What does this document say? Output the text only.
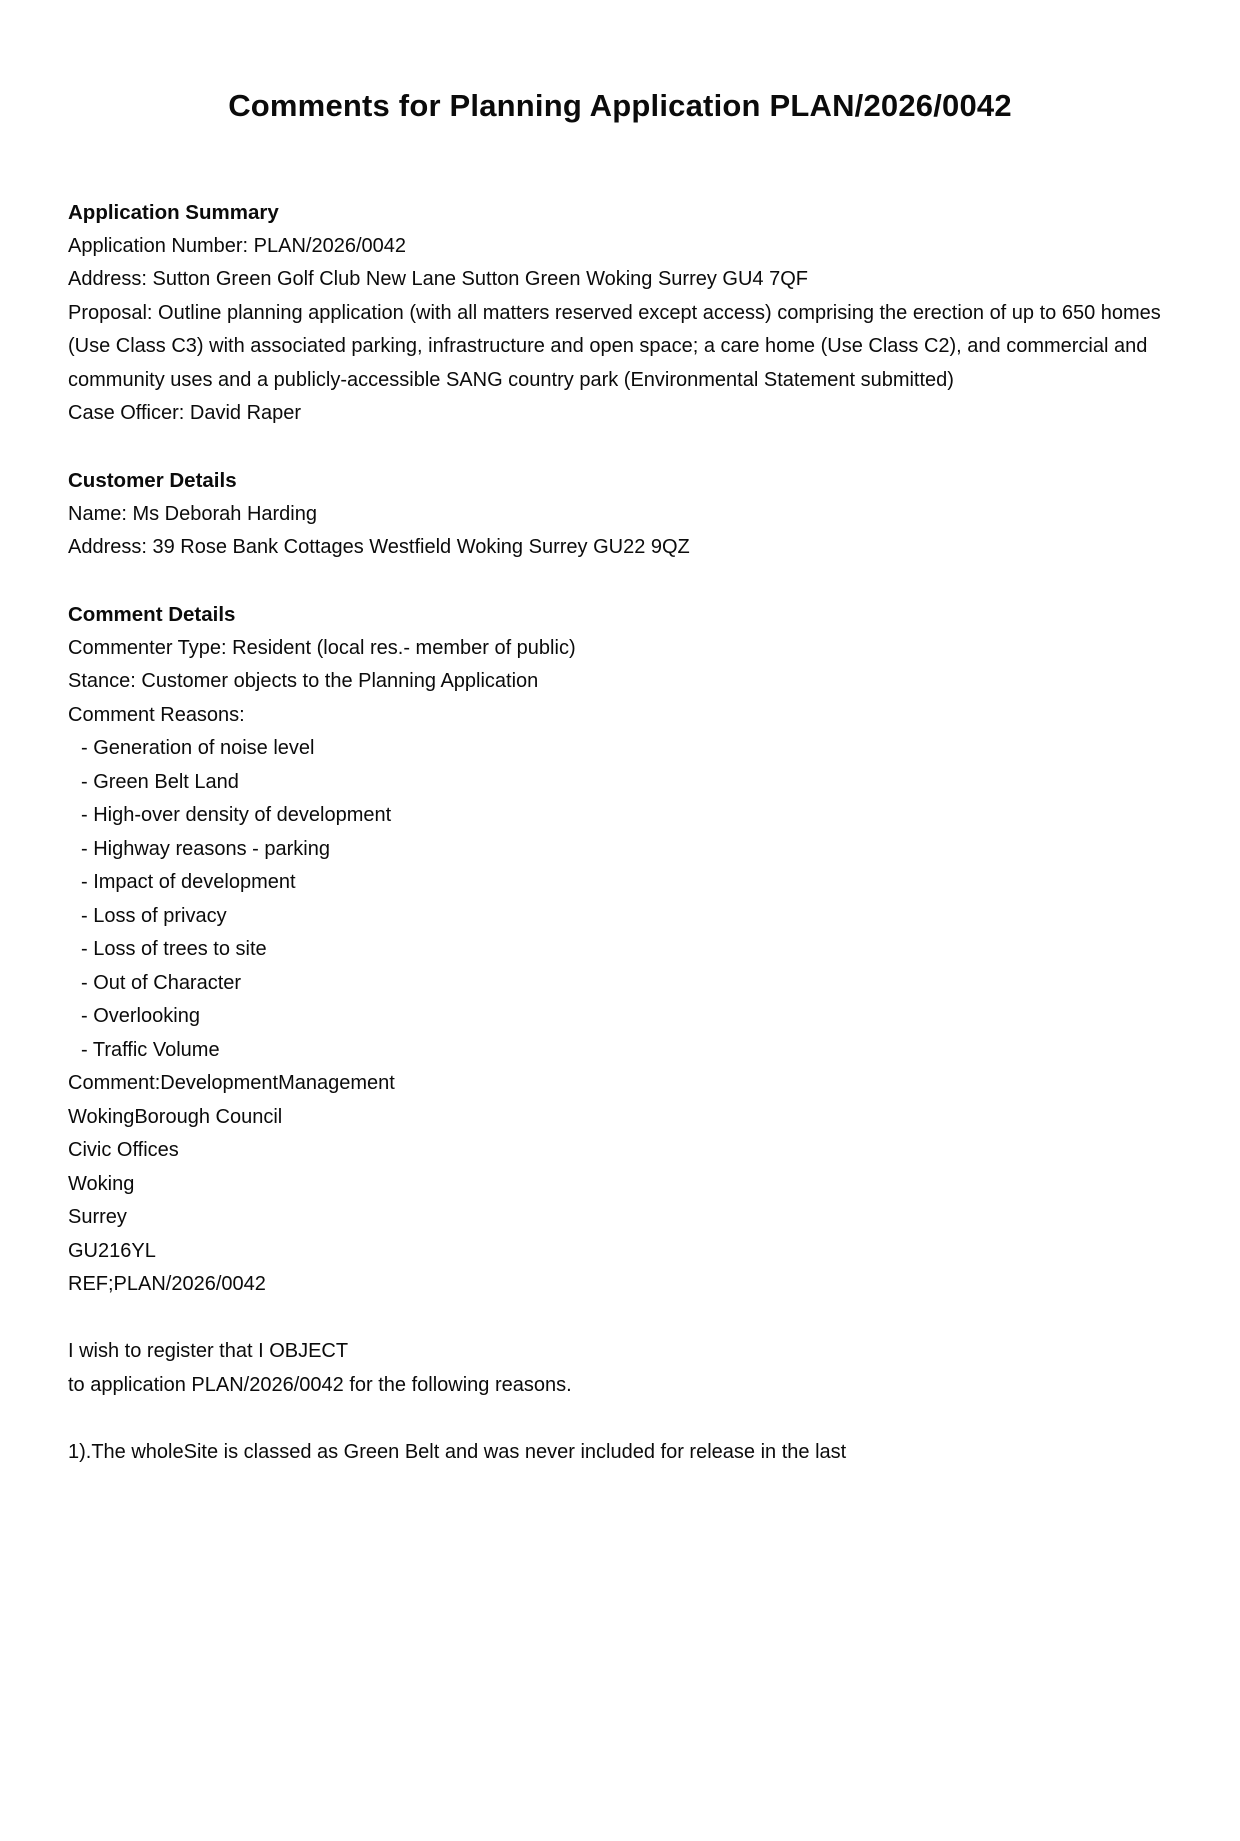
Comments for Planning Application PLAN/2026/0042
Application Summary
Application Number: PLAN/2026/0042
Address: Sutton Green Golf Club New Lane Sutton Green Woking Surrey GU4 7QF
Proposal: Outline planning application (with all matters reserved except access) comprising the erection of up to 650 homes (Use Class C3) with associated parking, infrastructure and open space; a care home (Use Class C2), and commercial and community uses and a publicly-accessible SANG country park (Environmental Statement submitted)
Case Officer: David Raper
Customer Details
Name: Ms Deborah Harding
Address: 39 Rose Bank Cottages Westfield Woking Surrey GU22 9QZ
Comment Details
Commenter Type: Resident (local res.- member of public)
Stance: Customer objects to the Planning Application
Comment Reasons:
- Generation of noise level
- Green Belt Land
- High-over density of development
- Highway reasons - parking
- Impact of development
- Loss of privacy
- Loss of trees to site
- Out of Character
- Overlooking
- Traffic Volume
Comment:DevelopmentManagement
WokingBorough Council
Civic Offices
Woking
Surrey
GU216YL
REF;PLAN/2026/0042
I wish to register that I OBJECT
to application PLAN/2026/0042 for the following reasons.
1).The wholeSite is classed as Green Belt and was never included for release in the last
